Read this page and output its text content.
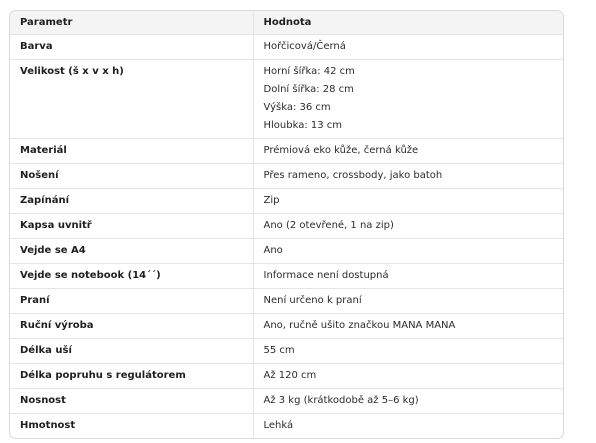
Parametr	Hodnota
Barva	Hořčicová/Černá

Velikost (š x v x h)	Horní šířka: 42 cm
Dolní šířka: 28 cm
Výška: 36 cm
Hloubka: 13 cm

Materiál	Prémiová eko kůže, černá kůže

Nošení	Přes rameno, crossbody, jako batoh

Zapínání	Zip

Kapsa uvnitř	Ano (2 otevřené, 1 na zip)

Vejde se A4	Ano

Vejde se notebook (14´´)	Informace není dostupná

Praní	Není určeno k praní

Ruční výroba	Ano, ručně ušito značkou MANA MANA

Délka uší	55 cm

Délka popruhu s regulátorem	Až 120 cm

Nosnost	Až 3 kg (krátkodobě až 5–6 kg)

Hmotnost	Lehká
